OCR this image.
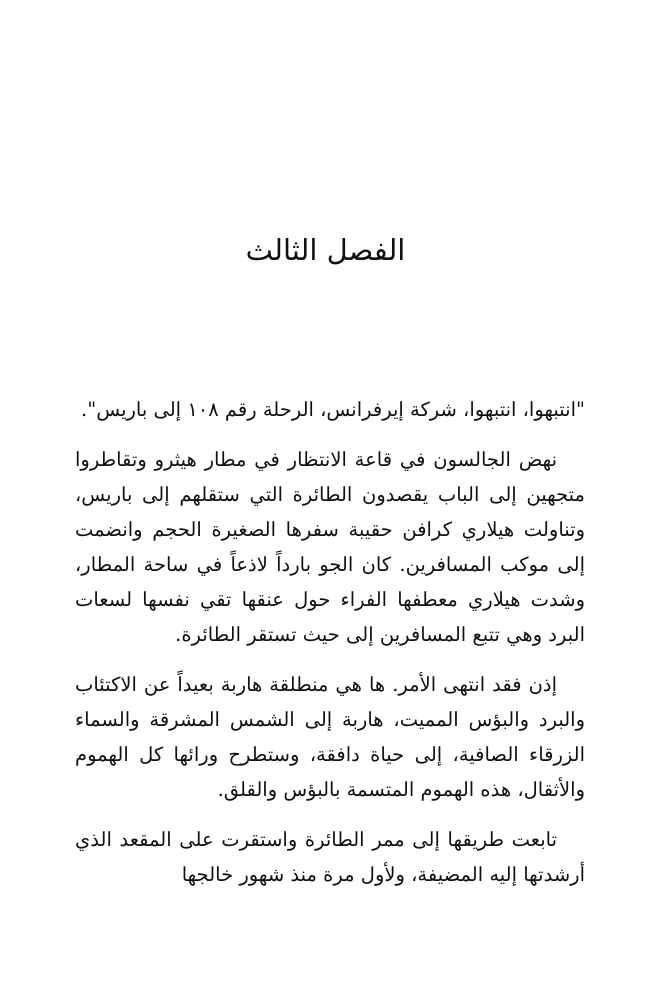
الفصل الثالث

"انتبهوا، انتبهوا، شركة إيرفرانس، الرحلة رقم ١٠٨ إلى باريس".

نهض الجالسون في قاعة الانتظار في مطار هيثرو وتقاطروا متجهين إلى الباب يقصدون الطائرة التي ستقلهم إلى باريس، وتناولت هيلاري كرافن حقيبة سفرها الصغيرة الحجم وانضمت إلى موكب المسافرين. كان الجو بارداً لاذعاً في ساحة المطار، وشدت هيلاري معطفها الفراء حول عنقها تقي نفسها لسعات البرد وهي تتبع المسافرين إلى حيث تستقر الطائرة.

إذن فقد انتهى الأمر. ها هي منطلقة هاربة بعيداً عن الاكتئاب والبرد والبؤس المميت، هاربة إلى الشمس المشرقة والسماء الزرقاء الصافية، إلى حياة دافقة، وستطرح ورائها كل الهموم والأثقال، هذه الهموم المتسمة بالبؤس والقلق.

تابعت طريقها إلى ممر الطائرة واستقرت على المقعد الذي أرشدتها إليه المضيفة، ولأول مرة منذ شهور خالجها
